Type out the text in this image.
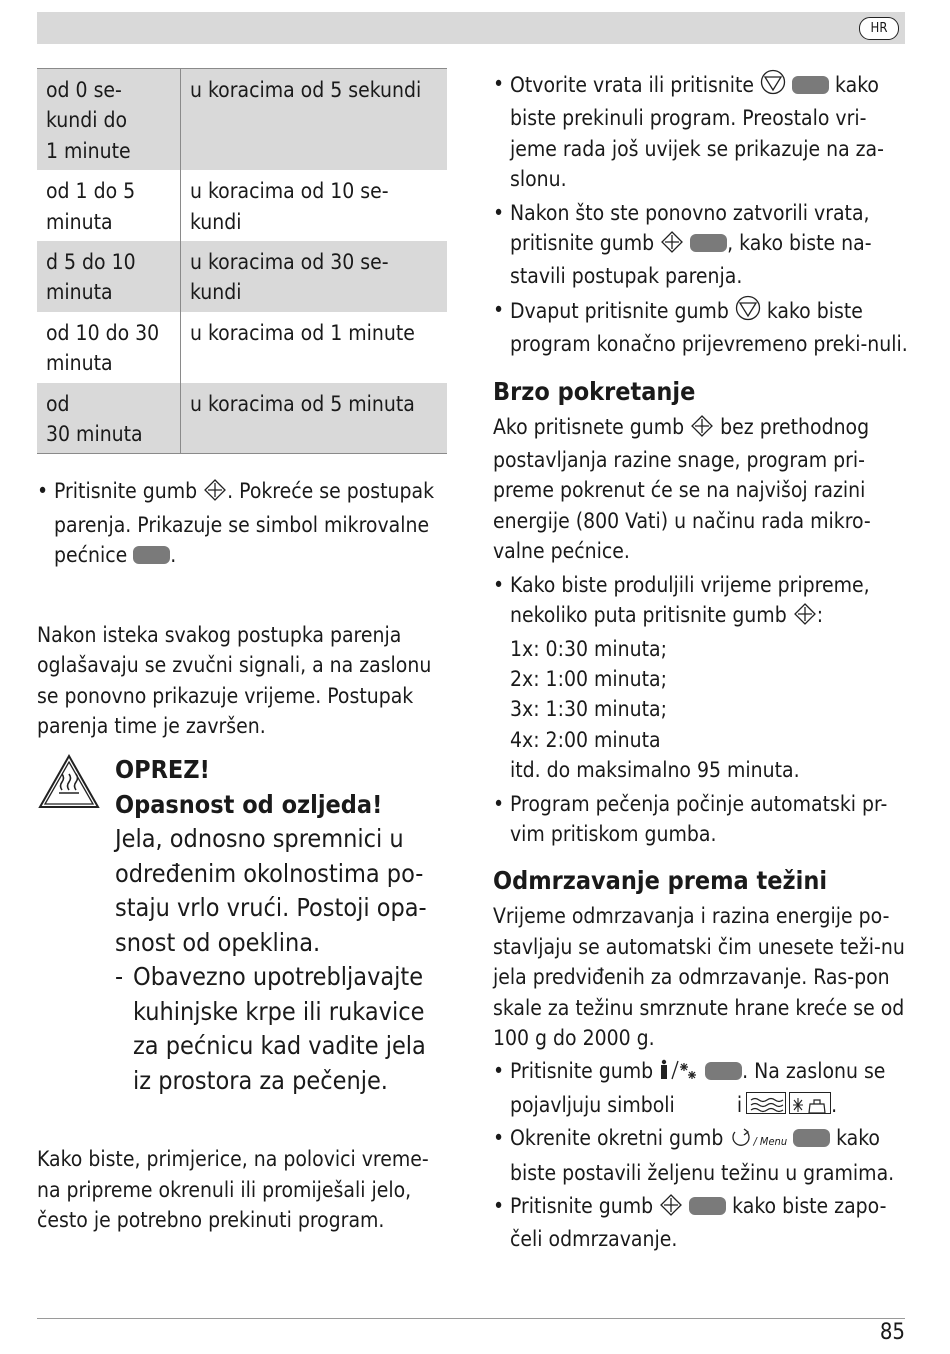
HR
od 0 se-
kundi do
1 minute	u koracima od 5 sekundi
od 1 do 5
minuta	u koracima od 10 se-
kundi
d 5 do 10
minuta	u koracima od 30 se-
kundi
od 10 do 30
minuta	u koracima od 1 minute
od
30 minuta	u koracima od 5 minuta

• Pritisnite gumb . Pokreće se postupak parenja. Prikazuje se simbol mikrovalne pećnice .

Nakon isteka svakog postupka parenja oglašavaju se zvučni signali, a na zaslonu se ponovno prikazuje vrijeme. Postupak parenja time je završen.

OPREZ!
Opasnost od ozljeda!
Jela, odnosno spremnici u određenim okolnostima po-staju vrlo vrući. Postoji opa-snost od opeklina.
- Obavezno upotrebljavajte kuhinjske krpe ili rukavice za pećnicu kad vadite jela iz prostora za pečenje.

Kako biste, primjerice, na polovici vreme-na pripreme okrenuli ili promiješali jelo, često je potrebno prekinuti program.

• Otvorite vrata ili pritisnite	kako biste prekinuli program. Preostalo vri-jeme rada još uvijek se prikazuje na za-slonu.

• Nakon što ste ponovno zatvorili vrata, pritisnite gumb	, kako biste na-stavili postupak parenja.

• Dvaput pritisnite gumb  kako biste program konačno prijevremeno preki-nuli.

Brzo pokretanje

Ako pritisnete gumb  bez prethodnog postavljanja razine snage, program pri-preme pokrenut će se na najvišoj razini energije (800 Vati) u načinu rada mikro-valne pećnice.

• Kako biste produljili vrijeme pripreme, nekoliko puta pritisnite gumb :
1x: 0:30 minuta;
2x: 1:00 minuta;
3x: 1:30 minuta;
4x: 2:00 minuta
itd. do maksimalno 95 minuta.

• Program pečenja počinje automatski pr-vim pritiskom gumba.

Odmrzavanje prema težini

Vrijeme odmrzavanja i razina energije po-stavljaju se automatski čim unesete teži-nu jela predviđenih za odmrzavanje. Ras-pon skale za težinu smrznute hrane kreće se od 100 g do 2000 g.

• Pritisnite gumb	. Na zaslonu se pojavljuju simboli	i	.

• Okrenite okretni gumb / Menu  kako biste postavili željenu težinu u gramima.

• Pritisnite gumb	kako biste zapo-čeli odmrzavanje.

85
